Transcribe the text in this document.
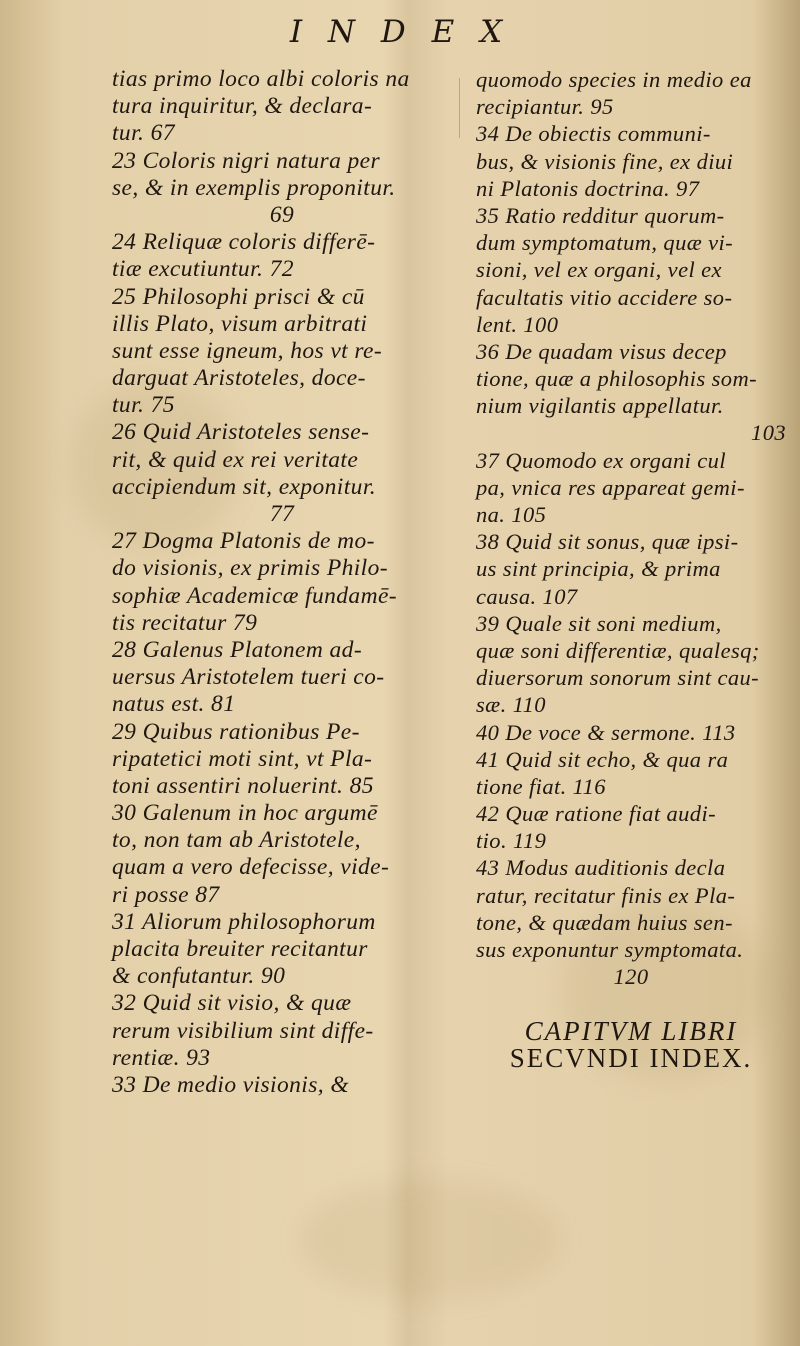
I N D E X
tias primo loco albi coloris na
tura inquiritur, & declara-
tur. 67
23 Coloris nigri natura per
se, & in exemplis proponitur.
69
24 Reliquæ coloris differē-
tiæ excutiuntur. 72
25 Philosophi prisci & cū
illis Plato, visum arbitrati
sunt esse igneum, hos vt re-
darguat Aristoteles, doce-
tur. 75
26 Quid Aristoteles sense-
rit, & quid ex rei veritate
accipiendum sit, exponitur.
77
27 Dogma Platonis de mo-
do visionis, ex primis Philo-
sophiæ Academicæ fundamē-
tis recitatur 79
28 Galenus Platonem ad-
uersus Aristotelem tueri co-
natus est. 81
29 Quibus rationibus Pe-
ripatetici moti sint, vt Pla-
toni assentiri noluerint. 85
30 Galenum in hoc argumē
to, non tam ab Aristotele,
quam a vero defecisse, vide-
ri posse 87
31 Aliorum philosophorum
placita breuiter recitantur
& confutantur. 90
32 Quid sit visio, & quæ
rerum visibilium sint diffe-
rentiæ. 93
33 De medio visionis, &
quomodo species in medio ea
recipiantur. 95
34 De obiectis communi-
bus, & visionis fine, ex diui
ni Platonis doctrina. 97
35 Ratio redditur quorum-
dum symptomatum, quæ vi-
sioni, vel ex organi, vel ex
facultatis vitio accidere so-
lent. 100
36 De quadam visus decep
tione, quæ a philosophis som-
nium vigilantis appellatur.
103
37 Quomodo ex organi cul
pa, vnica res appareat gemi-
na. 105
38 Quid sit sonus, quæ ipsi-
us sint principia, & prima
causa. 107
39 Quale sit soni medium,
quæ soni differentiæ, qualesq;
diuersorum sonorum sint cau-
sæ. 110
40 De voce & sermone. 113
41 Quid sit echo, & qua ra
tione fiat. 116
42 Quæ ratione fiat audi-
tio. 119
43 Modus auditionis decla
ratur, recitatur finis ex Pla-
tone, & quædam huius sen-
sus exponuntur symptomata.
120
CAPITVM LIBRI
SECVNDI INDEX.
